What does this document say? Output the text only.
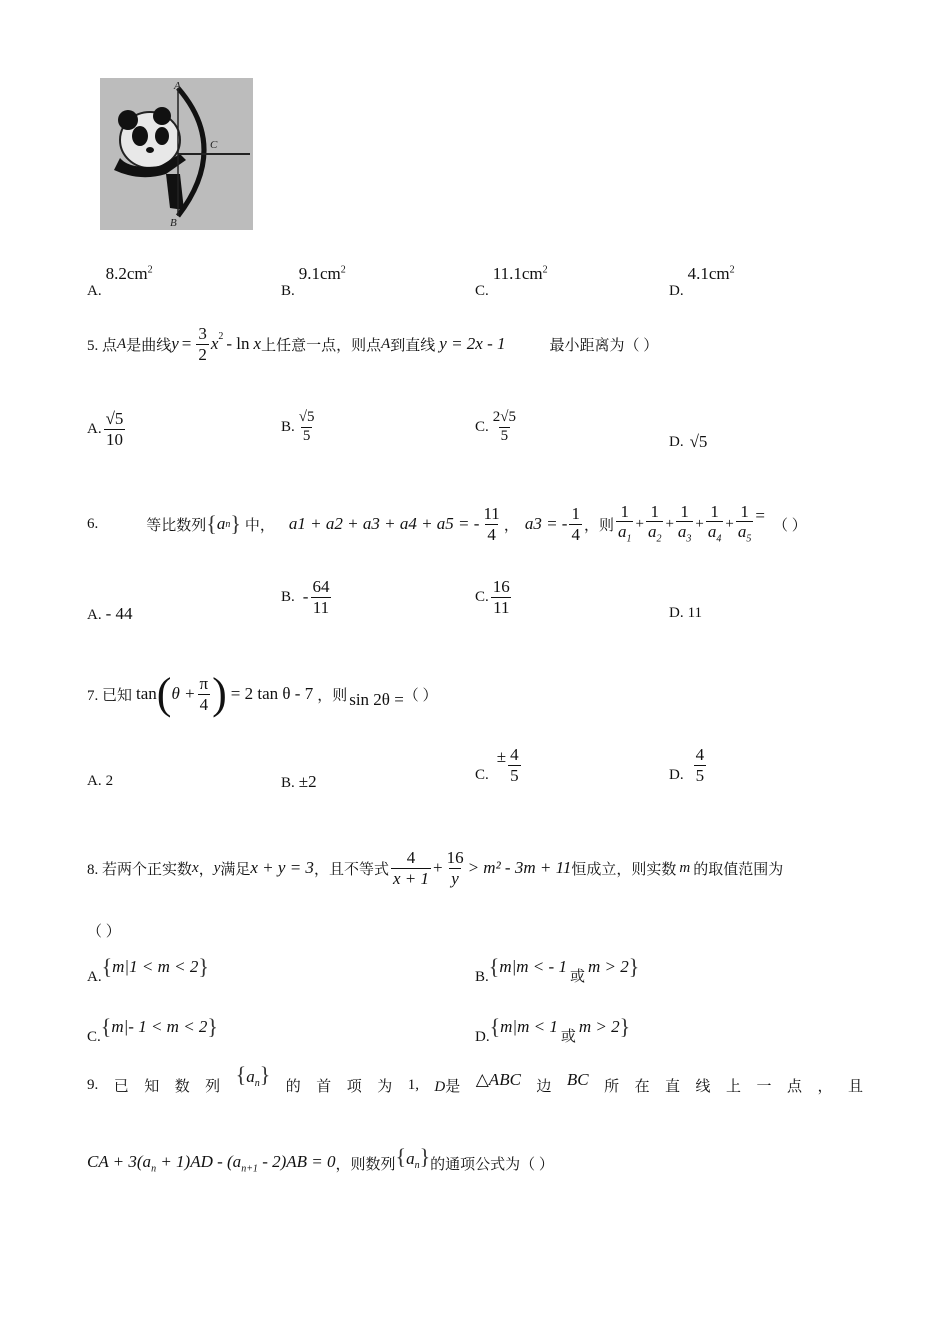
A
C
B
A. $8.2cm^2$
B. $9.1cm^2$
C. $11.1cm^2$
D. $4.1cm^2$
5. 点 A 是曲线 $y = \frac{3}{2} x^2 - \ln x$ 上任意一点，则点 A 到直线 y = 2x - 1	最小距离为（ ）
A. $\frac{√5}{10}$	B. $\frac{√5}{5}$	C. $\frac{2√5}{5}$	D. √5
6.	等比数列 { a n } 中， a1 + a2 + a3 + a4 + a5 = - $\frac{11}{4}$ ， a3 = - $\frac{1}{4}$ ，则 $\frac{1}{a_1} + \frac{1}{a_2} + \frac{1}{a_3} + \frac{1}{a_4} + \frac{1}{a_5}$ =
（ ）
A. - 44
B. - $\frac{64}{11}$	C. $\frac{16}{11}$	D. 11
7. 已知 tan ( $\theta + \frac{\pi}{4}$ ) = 2 tan θ - 7 ，则 sin 2θ = （ ）
A. 2	B. ±2	C.
± $\frac{4}{5}$	D. $\frac{4}{5}$
8. 若两个正实数 x ， y 满足 x + y = 3 ，且不等式 $\frac{4}{x + 1} + \frac{16}{y} > m^2 - 3m + 11$ 恒成立，则实数 m 的取值范围为
（ ）
A. { m|1 < m < 2 }	B. { m|m < - 1
或
m > 2 }
C. { m|- 1 < m < 2 }	D. { m|m < 1
或
m > 2 }
9. 已 知 数 列 $\{a_n\}$ 的 首 项 为 1, D是 △ABC 边 BC 所 在 直 线 上 一 点 ， 且
CA + $3(a_n + 1)AD - (a_{n+1} - 2)AB = 0$ ，则数列 $\{a_n\}$ 的通项公式为（ ）
